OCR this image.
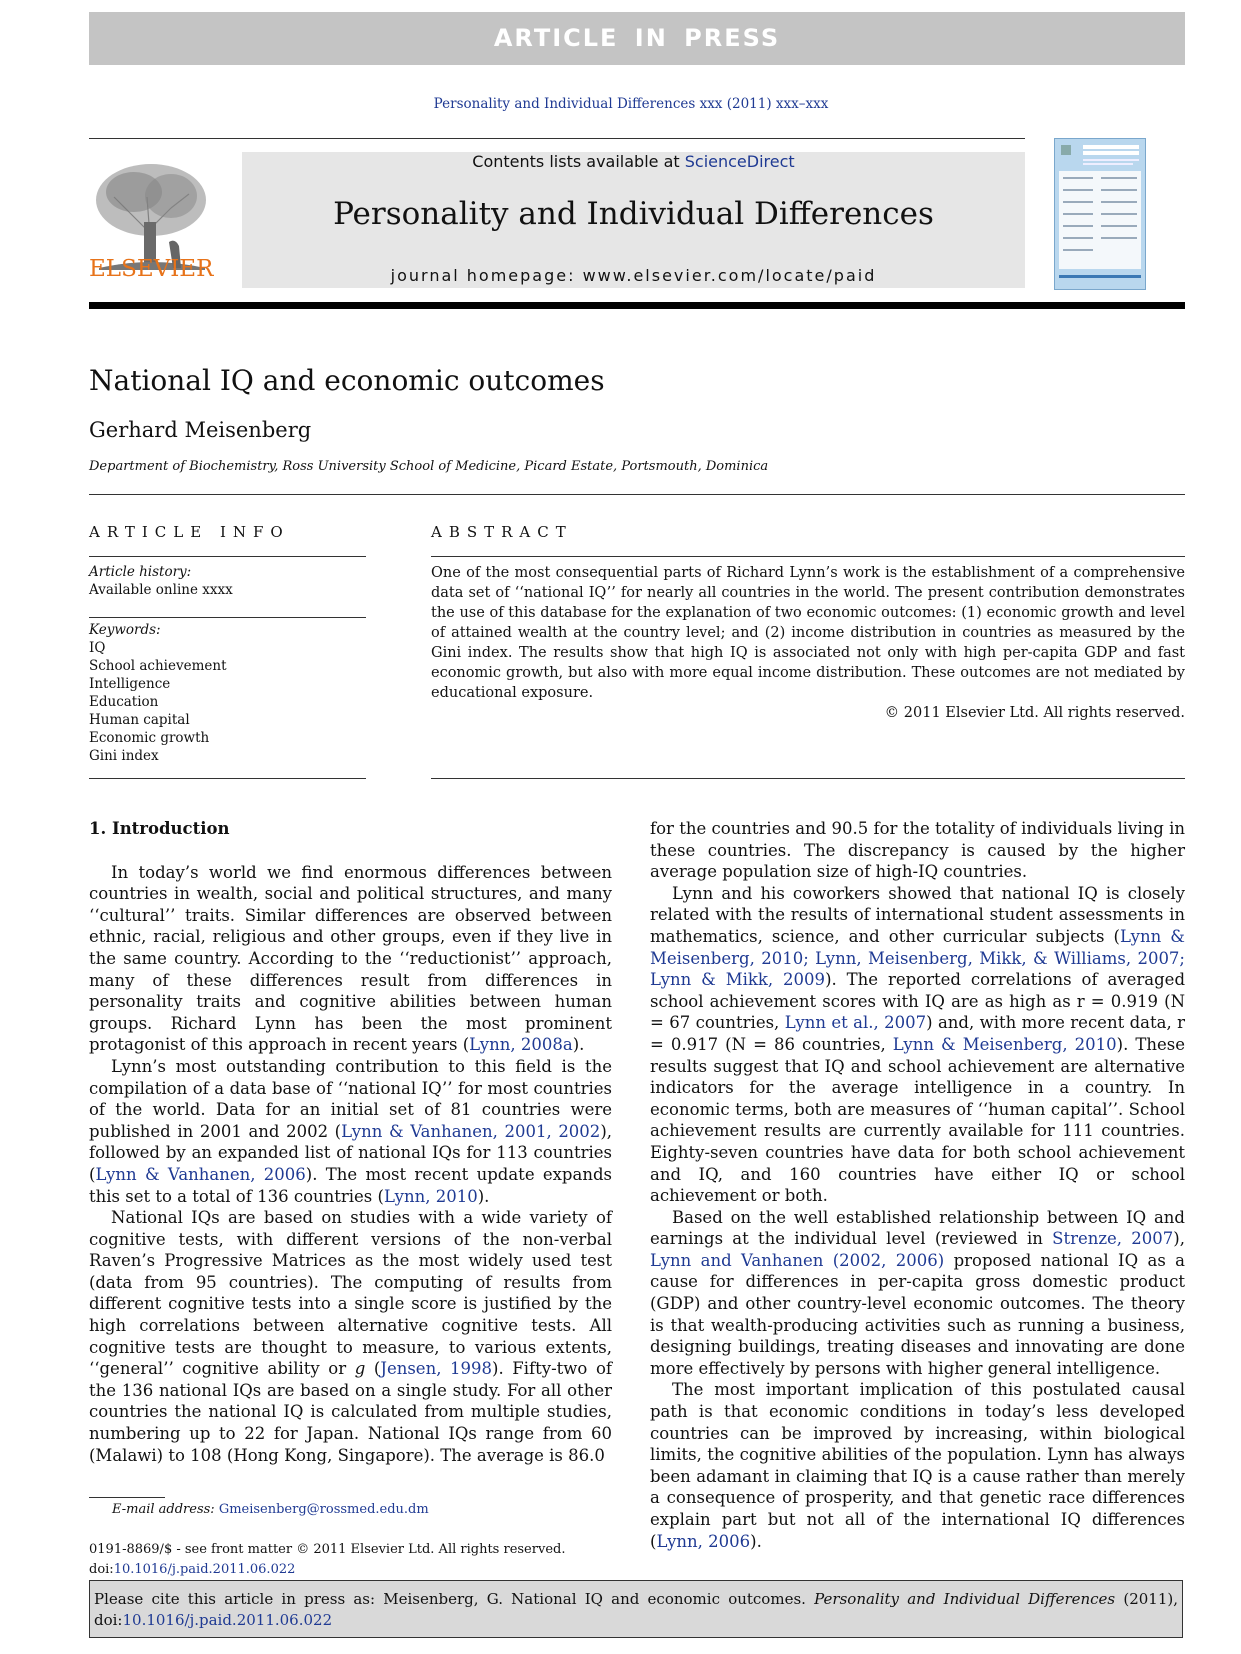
ARTICLE IN PRESS
Personality and Individual Differences xxx (2011) xxx–xxx
ELSEVIER
Contents lists available at ScienceDirect
Personality and Individual Differences
journal homepage: www.elsevier.com/locate/paid
National IQ and economic outcomes
Gerhard Meisenberg
Department of Biochemistry, Ross University School of Medicine, Picard Estate, Portsmouth, Dominica
ARTICLE INFO	ABSTRACT
Article history:
Available online xxxx
Keywords:
IQ
School achievement
Intelligence
Education
Human capital
Economic growth
Gini index
One of the most consequential parts of Richard Lynn’s work is the establishment of a comprehensive data set of ‘‘national IQ’’ for nearly all countries in the world. The present contribution demonstrates the use of this database for the explanation of two economic outcomes: (1) economic growth and level of attained wealth at the country level; and (2) income distribution in countries as measured by the Gini index. The results show that high IQ is associated not only with high per-capita GDP and fast economic growth, but also with more equal income distribution. These outcomes are not mediated by educational exposure.
© 2011 Elsevier Ltd. All rights reserved.
1. Introduction

In today’s world we find enormous differences between countries in wealth, social and political structures, and many ‘‘cultural’’ traits. Similar differences are observed between ethnic, racial, religious and other groups, even if they live in the same country. According to the ‘‘reductionist’’ approach, many of these differences result from differences in personality traits and cognitive abilities between human groups. Richard Lynn has been the most prominent protagonist of this approach in recent years (Lynn, 2008a).

Lynn’s most outstanding contribution to this field is the compilation of a data base of ‘‘national IQ’’ for most countries of the world. Data for an initial set of 81 countries were published in 2001 and 2002 (Lynn & Vanhanen, 2001, 2002), followed by an expanded list of national IQs for 113 countries (Lynn & Vanhanen, 2006). The most recent update expands this set to a total of 136 countries (Lynn, 2010).

National IQs are based on studies with a wide variety of cognitive tests, with different versions of the non-verbal Raven’s Progressive Matrices as the most widely used test (data from 95 countries). The computing of results from different cognitive tests into a single score is justified by the high correlations between alternative cognitive tests. All cognitive tests are thought to measure, to various extents, ‘‘general’’ cognitive ability or g (Jensen, 1998). Fifty-two of the 136 national IQs are based on a single study. For all other countries the national IQ is calculated from multiple studies, numbering up to 22 for Japan. National IQs range from 60 (Malawi) to 108 (Hong Kong, Singapore). The average is 86.0

for the countries and 90.5 for the totality of individuals living in these countries. The discrepancy is caused by the higher average population size of high-IQ countries.

Lynn and his coworkers showed that national IQ is closely related with the results of international student assessments in mathematics, science, and other curricular subjects (Lynn & Meisenberg, 2010; Lynn, Meisenberg, Mikk, & Williams, 2007; Lynn & Mikk, 2009). The reported correlations of averaged school achievement scores with IQ are as high as r = 0.919 (N = 67 countries, Lynn et al., 2007) and, with more recent data, r = 0.917 (N = 86 countries, Lynn & Meisenberg, 2010). These results suggest that IQ and school achievement are alternative indicators for the average intelligence in a country. In economic terms, both are measures of ‘‘human capital’’. School achievement results are currently available for 111 countries. Eighty-seven countries have data for both school achievement and IQ, and 160 countries have either IQ or school achievement or both.

Based on the well established relationship between IQ and earnings at the individual level (reviewed in Strenze, 2007), Lynn and Vanhanen (2002, 2006) proposed national IQ as a cause for differences in per-capita gross domestic product (GDP) and other country-level economic outcomes. The theory is that wealth-producing activities such as running a business, designing buildings, treating diseases and innovating are done more effectively by persons with higher general intelligence.

The most important implication of this postulated causal path is that economic conditions in today’s less developed countries can be improved by increasing, within biological limits, the cognitive abilities of the population. Lynn has always been adamant in claiming that IQ is a cause rather than merely a consequence of prosperity, and that genetic race differences explain part but not all of the international IQ differences (Lynn, 2006).

E-mail address: Gmeisenberg@rossmed.edu.dm
0191-8869/$ - see front matter © 2011 Elsevier Ltd. All rights reserved.
doi:10.1016/j.paid.2011.06.022
Please cite this article in press as: Meisenberg, G. National IQ and economic outcomes. Personality and Individual Differences (2011), doi:10.1016/j.paid.2011.06.022
